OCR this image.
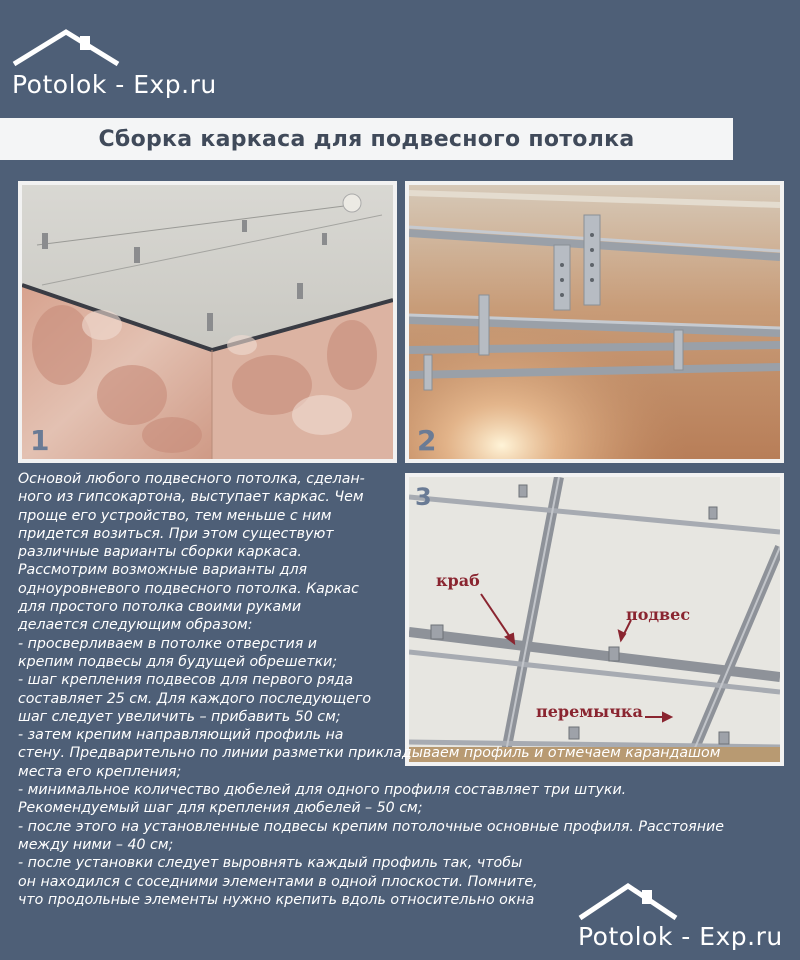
Potolok - Exp.ru
Сборка каркаса для подвесного потолка
1	2
3
краб
подвес
перемычка
Основой любого подвесного потолка, сделан-
ного из гипсокартона, выступает каркас. Чем
проще его устройство, тем меньше с ним
придется возиться. При этом существуют
различные варианты сборки каркаса.
Рассмотрим возможные варианты для
одноуровневого подвесного потолка. Каркас
для простого потолка своими руками
делается следующим образом:
- просверливаем в потолке отверстия и
крепим подвесы для будущей обрешетки;
- шаг крепления подвесов для первого ряда
составляет 25 см. Для каждого последующего
шаг следует увеличить – прибавить 50 см;
- затем крепим направляющий профиль на
стену. Предварительно по линии разметки прикладываем профиль и отмечаем карандашом
места его крепления;
- минимальное количество дюбелей для одного профиля составляет три штуки.
Рекомендуемый шаг для крепления дюбелей – 50 см;
- после этого на установленные подвесы крепим потолочные основные профиля. Расстояние
между ними – 40 см;
- после установки следует выровнять каждый профиль так, чтобы
он находился с соседними элементами в одной плоскости. Помните,
что продольные элементы нужно крепить вдоль относительно окна
Potolok - Exp.ru
